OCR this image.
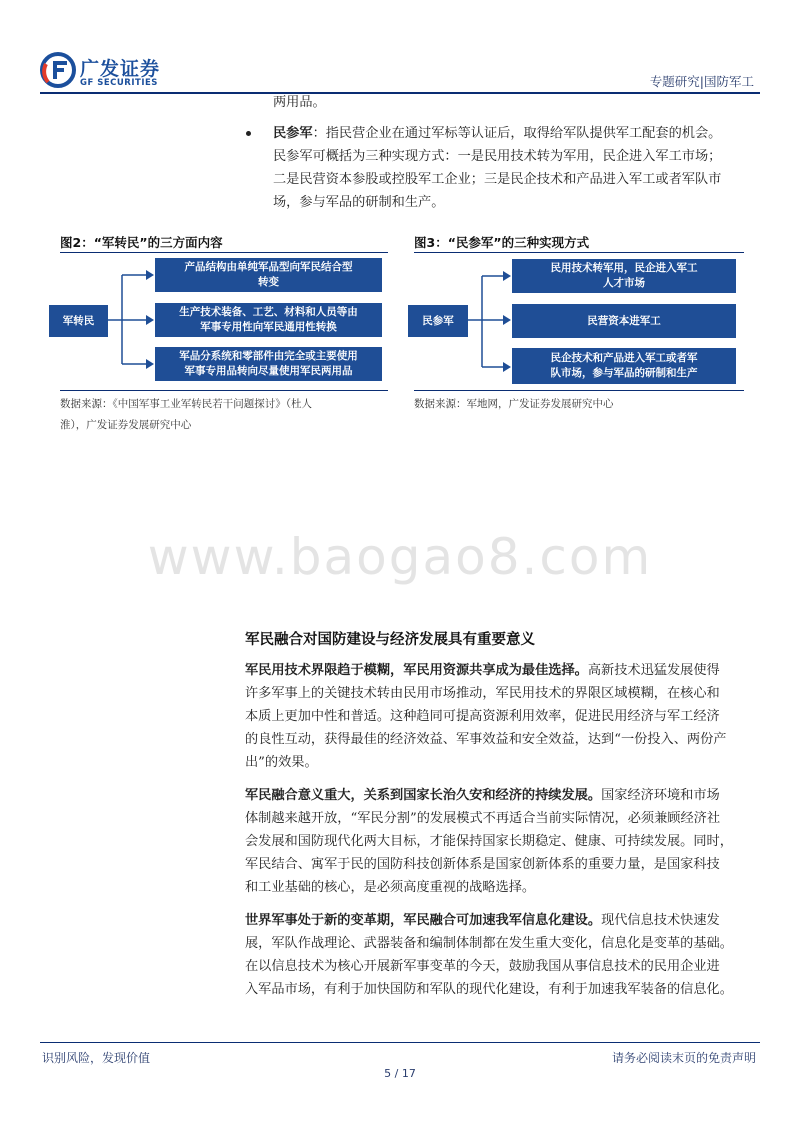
广发证券
GF SECURITIES	专题研究|国防军工
两用品。
民参军：指民营企业在通过军标等认证后，取得给军队提供军工配套的机会。
民参军可概括为三种实现方式：一是民用技术转为军用，民企进入军工市场；
二是民营资本参股或控股军工企业；三是民企技术和产品进入军工或者军队市
场，参与军品的研制和生产。
图2：“军转民”的三方面内容
军转民
产品结构由单纯军品型向军民结合型
转变
生产技术装备、工艺、材料和人员等由
军事专用性向军民通用性转换
军品分系统和零部件由完全或主要使用
军事专用品转向尽量使用军民两用品
数据来源：《中国军事工业军转民若干问题探讨》（杜人
淮），广发证券发展研究中心
图3：“民参军”的三种实现方式
民参军
民用技术转军用，民企进入军工
人才市场
民营资本进军工
民企技术和产品进入军工或者军
队市场，参与军品的研制和生产
数据来源：军地网，广发证券发展研究中心
www.baogao8.com
军民融合对国防建设与经济发展具有重要意义
军民用技术界限趋于模糊，军民用资源共享成为最佳选择。高新技术迅猛发展使得
许多军事上的关键技术转由民用市场推动，军民用技术的界限区域模糊，在核心和
本质上更加中性和普适。这种趋同可提高资源利用效率，促进民用经济与军工经济
的良性互动，获得最佳的经济效益、军事效益和安全效益，达到“一份投入、两份产
出”的效果。
军民融合意义重大，关系到国家长治久安和经济的持续发展。国家经济环境和市场
体制越来越开放，“军民分割”的发展模式不再适合当前实际情况，必须兼顾经济社
会发展和国防现代化两大目标，才能保持国家长期稳定、健康、可持续发展。同时，
军民结合、寓军于民的国防科技创新体系是国家创新体系的重要力量，是国家科技
和工业基础的核心，是必须高度重视的战略选择。
世界军事处于新的变革期，军民融合可加速我军信息化建设。现代信息技术快速发
展，军队作战理论、武器装备和编制体制都在发生重大变化，信息化是变革的基础。
在以信息技术为核心开展新军事变革的今天，鼓励我国从事信息技术的民用企业进
入军品市场，有利于加快国防和军队的现代化建设，有利于加速我军装备的信息化。
识别风险，发现价值	请务必阅读末页的免责声明
5 / 17
